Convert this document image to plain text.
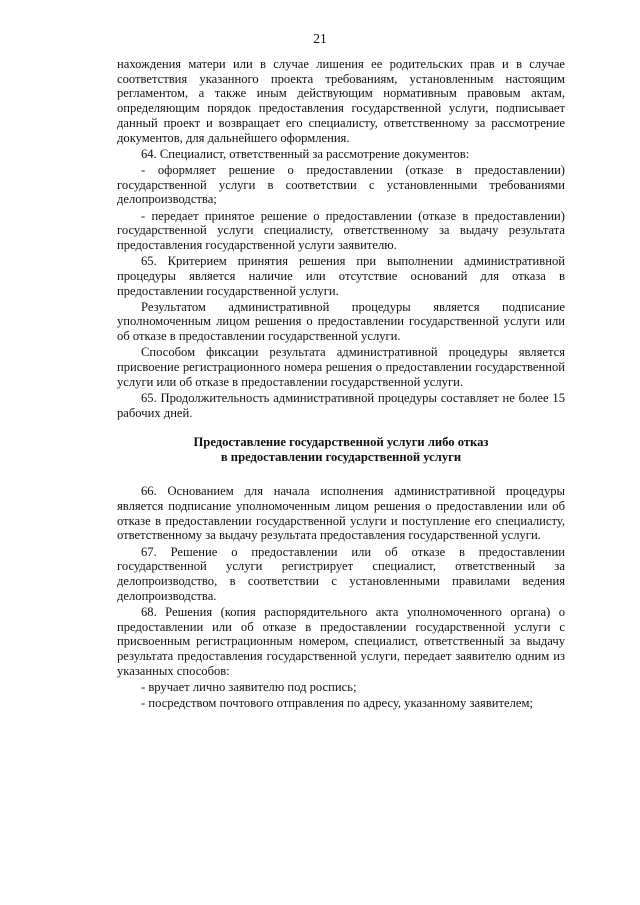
21

нахождения матери или в случае лишения ее родительских прав и в случае соответствия указанного проекта требованиям, установленным настоящим регламентом, а также иным действующим нормативным правовым актам, определяющим порядок предоставления государственной услуги, подписывает данный проект и возвращает его специалисту, ответственному за рассмотрение документов, для дальнейшего оформления.

64. Специалист, ответственный за рассмотрение документов:

- оформляет решение о предоставлении (отказе в предоставлении) государственной услуги в соответствии с установленными требованиями делопроизводства;

- передает принятое решение о предоставлении (отказе в предоставлении) государственной услуги специалисту, ответственному за выдачу результата предоставления государственной услуги заявителю.

65. Критерием принятия решения при выполнении административной процедуры является наличие или отсутствие оснований для отказа в предоставлении государственной услуги.

Результатом административной процедуры является подписание уполномоченным лицом решения о предоставлении государственной услуги или об отказе в предоставлении государственной услуги.

Способом фиксации результата административной процедуры является присвоение регистрационного номера решения о предоставлении государственной услуги или об отказе в предоставлении государственной услуги.

65. Продолжительность административной процедуры составляет не более 15 рабочих дней.

Предоставление государственной услуги либо отказ
в предоставлении государственной услуги

66. Основанием для начала исполнения административной процедуры является подписание уполномоченным лицом решения о предоставлении или об отказе в предоставлении государственной услуги и поступление его специалисту, ответственному за выдачу результата предоставления государственной услуги.

67. Решение о предоставлении или об отказе в предоставлении государственной услуги регистрирует специалист, ответственный за делопроизводство, в соответствии с установленными правилами ведения делопроизводства.

68. Решения (копия распорядительного акта уполномоченного органа) о предоставлении или об отказе в предоставлении государственной услуги с присвоенным регистрационным номером, специалист, ответственный за выдачу результата предоставления государственной услуги, передает заявителю одним из указанных способов:

- вручает лично заявителю под роспись;

- посредством почтового отправления по адресу, указанному заявителем;
